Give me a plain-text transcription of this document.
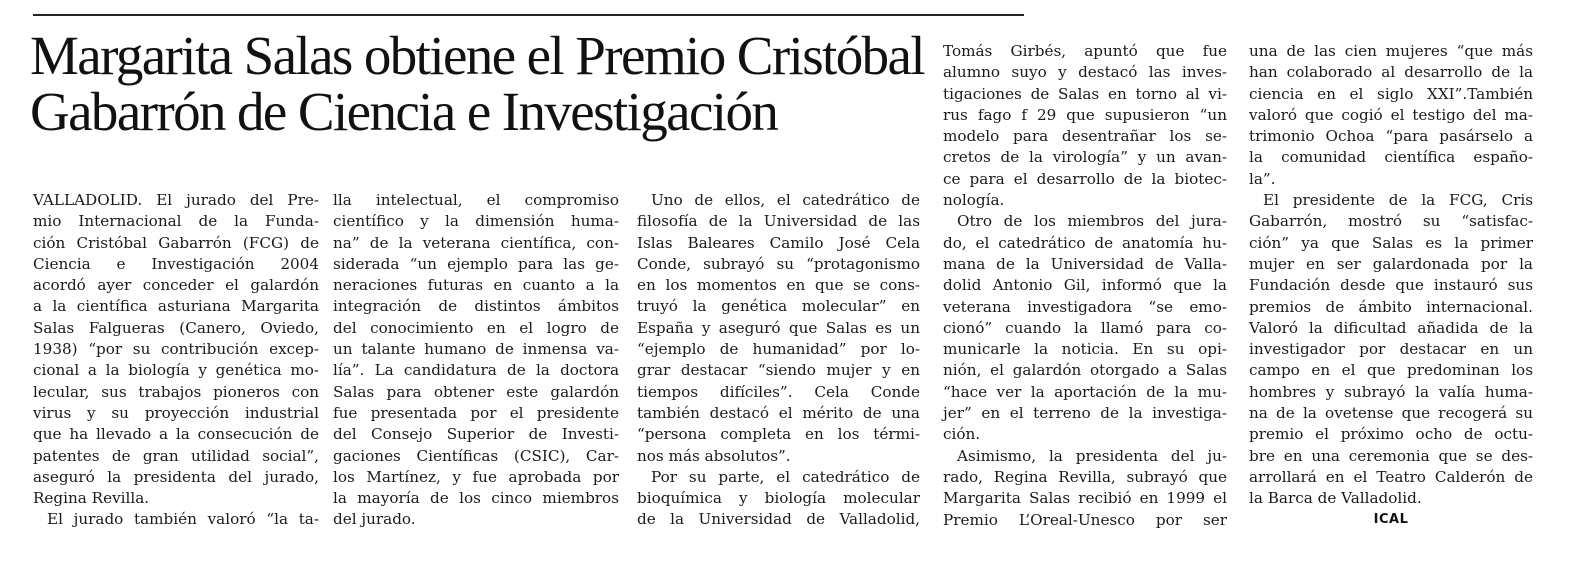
Margarita Salas obtiene el Premio Cristóbal
Gabarrón de Ciencia e Investigación
VALLADOLID. El jurado del Pre-
mio Internacional de la Funda-
ción Cristóbal Gabarrón (FCG) de
Ciencia e Investigación 2004
acordó ayer conceder el galardón
a la científica asturiana Margarita
Salas Falgueras (Canero, Oviedo,
1938) “por su contribución excep-
cional a la biología y genética mo-
lecular, sus trabajos pioneros con
virus y su proyección industrial
que ha llevado a la consecución de
patentes de gran utilidad social”,
aseguró la presidenta del jurado,
Regina Revilla.
El jurado también valoró “la ta-
lla intelectual, el compromiso
científico y la dimensión huma-
na” de la veterana científica, con-
siderada “un ejemplo para las ge-
neraciones futuras en cuanto a la
integración de distintos ámbitos
del conocimiento en el logro de
un talante humano de inmensa va-
lía”. La candidatura de la doctora
Salas para obtener este galardón
fue presentada por el presidente
del Consejo Superior de Investi-
gaciones Científicas (CSIC), Car-
los Martínez, y fue aprobada por
la mayoría de los cinco miembros
del jurado.
Uno de ellos, el catedrático de
filosofía de la Universidad de las
Islas Baleares Camilo José Cela
Conde, subrayó su “protagonismo
en los momentos en que se cons-
truyó la genética molecular” en
España y aseguró que Salas es un
“ejemplo de humanidad” por lo-
grar destacar “siendo mujer y en
tiempos difíciles”. Cela Conde
también destacó el mérito de una
“persona completa en los térmi-
nos más absolutos”.
Por su parte, el catedrático de
bioquímica y biología molecular
de la Universidad de Valladolid,
Tomás Girbés, apuntó que fue
alumno suyo y destacó las inves-
tigaciones de Salas en torno al vi-
rus fago f 29 que supusieron “un
modelo para desentrañar los se-
cretos de la virología” y un avan-
ce para el desarrollo de la biotec-
nología.
Otro de los miembros del jura-
do, el catedrático de anatomía hu-
mana de la Universidad de Valla-
dolid Antonio Gil, informó que la
veterana investigadora “se emo-
cionó” cuando la llamó para co-
municarle la noticia. En su opi-
nión, el galardón otorgado a Salas
“hace ver la aportación de la mu-
jer” en el terreno de la investiga-
ción.
Asimismo, la presidenta del ju-
rado, Regina Revilla, subrayó que
Margarita Salas recibió en 1999 el
Premio L’Oreal-Unesco por ser
una de las cien mujeres “que más
han colaborado al desarrollo de la
ciencia en el siglo XXI”.También
valoró que cogió el testigo del ma-
trimonio Ochoa “para pasárselo a
la comunidad científica españo-
la”.
El presidente de la FCG, Cris
Gabarrón, mostró su “satisfac-
ción” ya que Salas es la primer
mujer en ser galardonada por la
Fundación desde que instauró sus
premios de ámbito internacional.
Valoró la dificultad añadida de la
investigador por destacar en un
campo en el que predominan los
hombres y subrayó la valía huma-
na de la ovetense que recogerá su
premio el próximo ocho de octu-
bre en una ceremonia que se des-
arrollará en el Teatro Calderón de
la Barca de Valladolid.
ICAL
